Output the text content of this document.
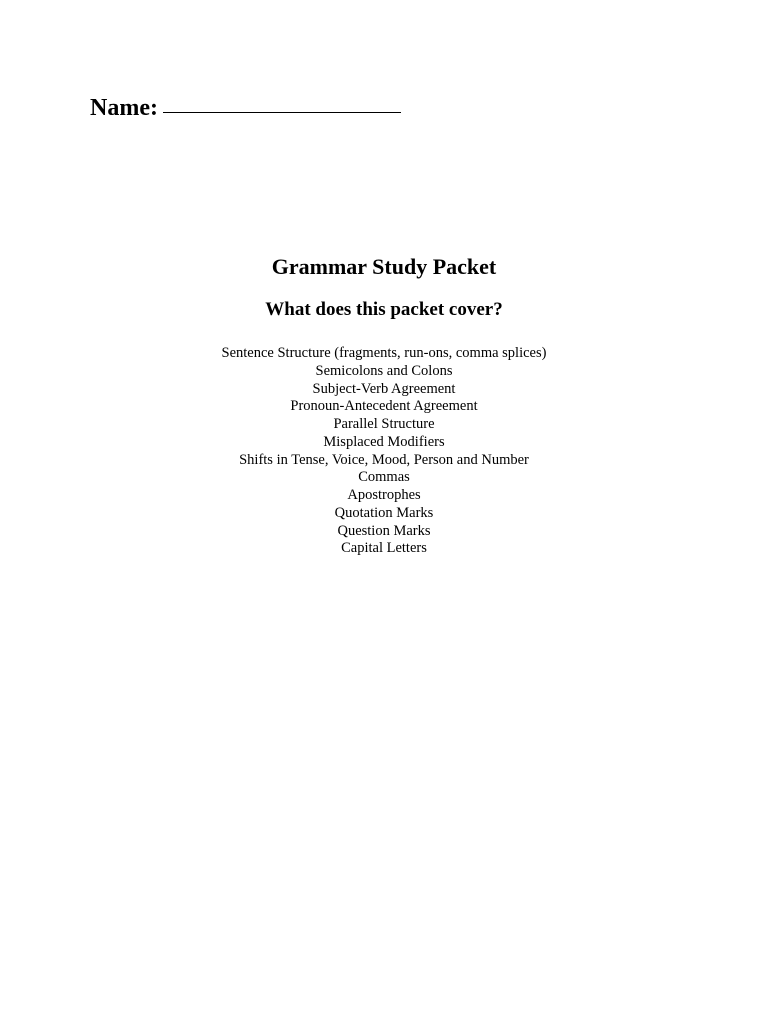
Name:
Grammar Study Packet
What does this packet cover?
Sentence Structure (fragments, run-ons, comma splices)
Semicolons and Colons
Subject-Verb Agreement
Pronoun-Antecedent Agreement
Parallel Structure
Misplaced Modifiers
Shifts in Tense, Voice, Mood, Person and Number
Commas
Apostrophes
Quotation Marks
Question Marks
Capital Letters
